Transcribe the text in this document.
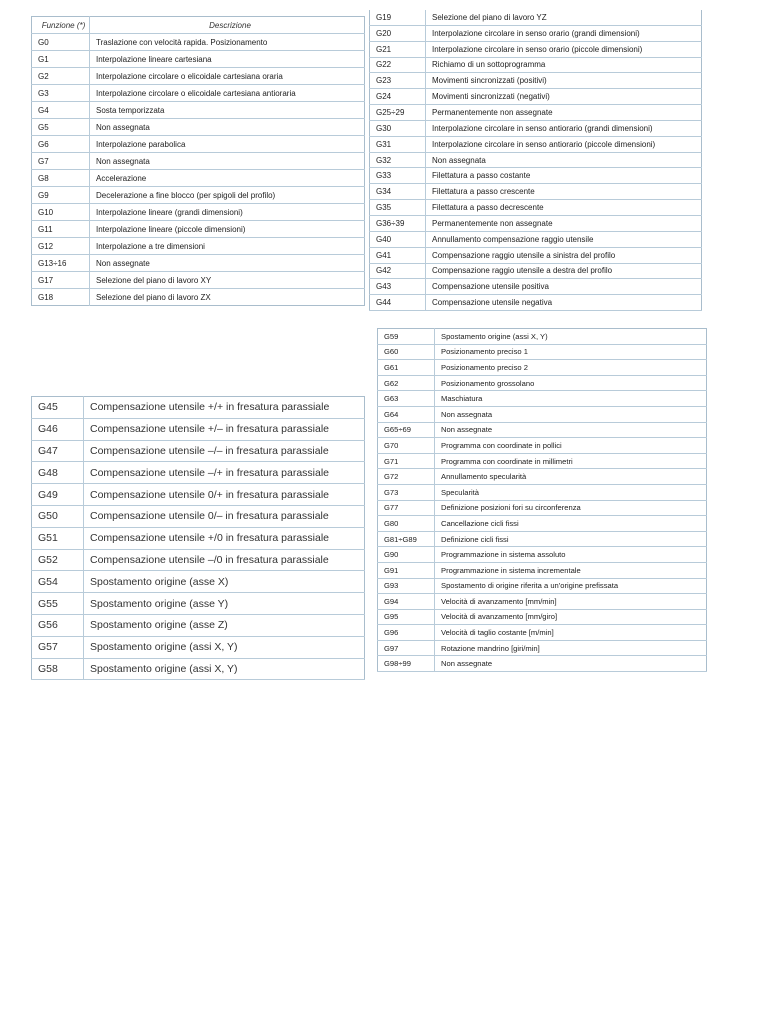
Funzione (*)	Descrizione
G0	Traslazione con velocità rapida. Posizionamento
G1	Interpolazione lineare cartesiana
G2	Interpolazione circolare o elicoidale cartesiana oraria
G3	Interpolazione circolare o elicoidale cartesiana antioraria
G4	Sosta temporizzata
G5	Non assegnata
G6	Interpolazione parabolica
G7	Non assegnata
G8	Accelerazione
G9	Decelerazione a fine blocco (per spigoli del profilo)
G10	Interpolazione lineare (grandi dimensioni)
G11	Interpolazione lineare (piccole dimensioni)
G12	Interpolazione a tre dimensioni
G13÷16	Non assegnate
G17	Selezione del piano di lavoro XY
G18	Selezione del piano di lavoro ZX
G19	Selezione del piano di lavoro YZ
G20	Interpolazione circolare in senso orario (grandi dimensioni)
G21	Interpolazione circolare in senso orario (piccole dimensioni)
G22	Richiamo di un sottoprogramma
G23	Movimenti sincronizzati (positivi)
G24	Movimenti sincronizzati (negativi)
G25÷29	Permanentemente non assegnate
G30	Interpolazione circolare in senso antiorario (grandi dimensioni)
G31	Interpolazione circolare in senso antiorario (piccole dimensioni)
G32	Non assegnata
G33	Filettatura a passo costante
G34	Filettatura a passo crescente
G35	Filettatura a passo decrescente
G36÷39	Permanentemente non assegnate
G40	Annullamento compensazione raggio utensile
G41	Compensazione raggio utensile a sinistra del profilo
G42	Compensazione raggio utensile a destra del profilo
G43	Compensazione utensile positiva
G44	Compensazione utensile negativa
G45	Compensazione utensile +/+ in fresatura parassiale
G46	Compensazione utensile +/– in fresatura parassiale
G47	Compensazione utensile –/– in fresatura parassiale
G48	Compensazione utensile –/+ in fresatura parassiale
G49	Compensazione utensile 0/+ in fresatura parassiale
G50	Compensazione utensile 0/– in fresatura parassiale
G51	Compensazione utensile +/0 in fresatura parassiale
G52	Compensazione utensile –/0 in fresatura parassiale
G54	Spostamento origine (asse X)
G55	Spostamento origine (asse Y)
G56	Spostamento origine (asse Z)
G57	Spostamento origine (assi X, Y)
G58	Spostamento origine (assi X, Y)
G59	Spostamento origine (assi X, Y)
G60	Posizionamento preciso 1
G61	Posizionamento preciso 2
G62	Posizionamento grossolano
G63	Maschiatura
G64	Non assegnata
G65÷69	Non assegnate
G70	Programma con coordinate in pollici
G71	Programma con coordinate in millimetri
G72	Annullamento specularità
G73	Specularità
G77	Definizione posizioni fori su circonferenza
G80	Cancellazione cicli fissi
G81÷G89	Definizione cicli fissi
G90	Programmazione in sistema assoluto
G91	Programmazione in sistema incrementale
G93	Spostamento di origine riferita a un'origine prefissata
G94	Velocità di avanzamento [mm/min]
G95	Velocità di avanzamento [mm/giro]
G96	Velocità di taglio costante [m/min]
G97	Rotazione mandrino [giri/min]
G98÷99	Non assegnate
